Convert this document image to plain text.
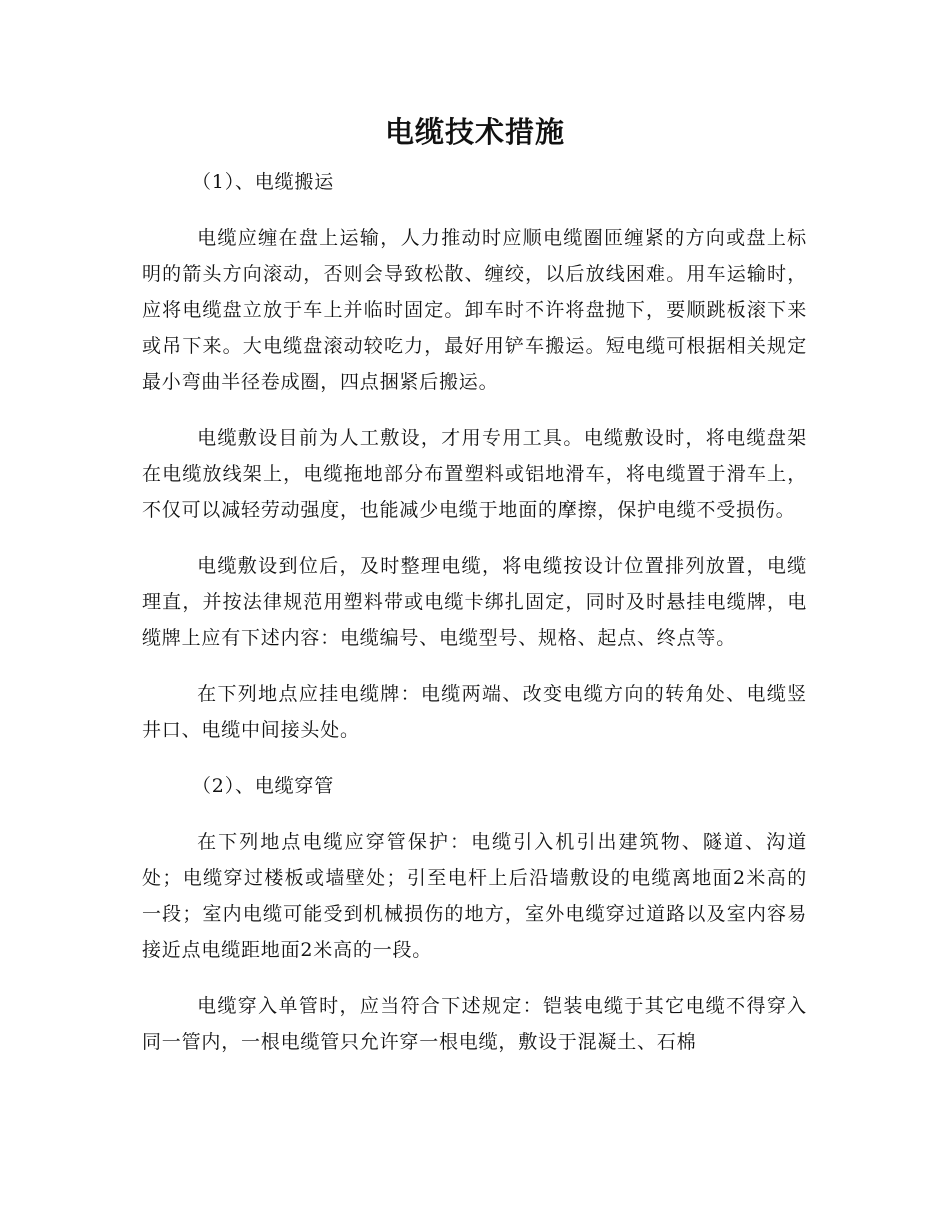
电缆技术措施

（1）、电缆搬运

电缆应缠在盘上运输，人力推动时应顺电缆圈匝缠紧的方向或盘上标明的箭头方向滚动，否则会导致松散、缠绞，以后放线困难。用车运输时，应将电缆盘立放于车上并临时固定。卸车时不许将盘抛下，要顺跳板滚下来或吊下来。大电缆盘滚动较吃力，最好用铲车搬运。短电缆可根据相关规定最小弯曲半径卷成圈，四点捆紧后搬运。

电缆敷设目前为人工敷设，才用专用工具。电缆敷设时，将电缆盘架在电缆放线架上，电缆拖地部分布置塑料或铝地滑车，将电缆置于滑车上，不仅可以减轻劳动强度，也能减少电缆于地面的摩擦，保护电缆不受损伤。

电缆敷设到位后，及时整理电缆，将电缆按设计位置排列放置，电缆理直，并按法律规范用塑料带或电缆卡绑扎固定，同时及时悬挂电缆牌，电缆牌上应有下述内容：电缆编号、电缆型号、规格、起点、终点等。

在下列地点应挂电缆牌：电缆两端、改变电缆方向的转角处、电缆竖井口、电缆中间接头处。

（2）、电缆穿管

在下列地点电缆应穿管保护：电缆引入机引出建筑物、隧道、沟道处；电缆穿过楼板或墙壁处；引至电杆上后沿墙敷设的电缆离地面2米高的一段；室内电缆可能受到机械损伤的地方，室外电缆穿过道路以及室内容易接近点电缆距地面2米高的一段。

电缆穿入单管时，应当符合下述规定：铠装电缆于其它电缆不得穿入同一管内，一根电缆管只允许穿一根电缆，敷设于混凝土、石棉
